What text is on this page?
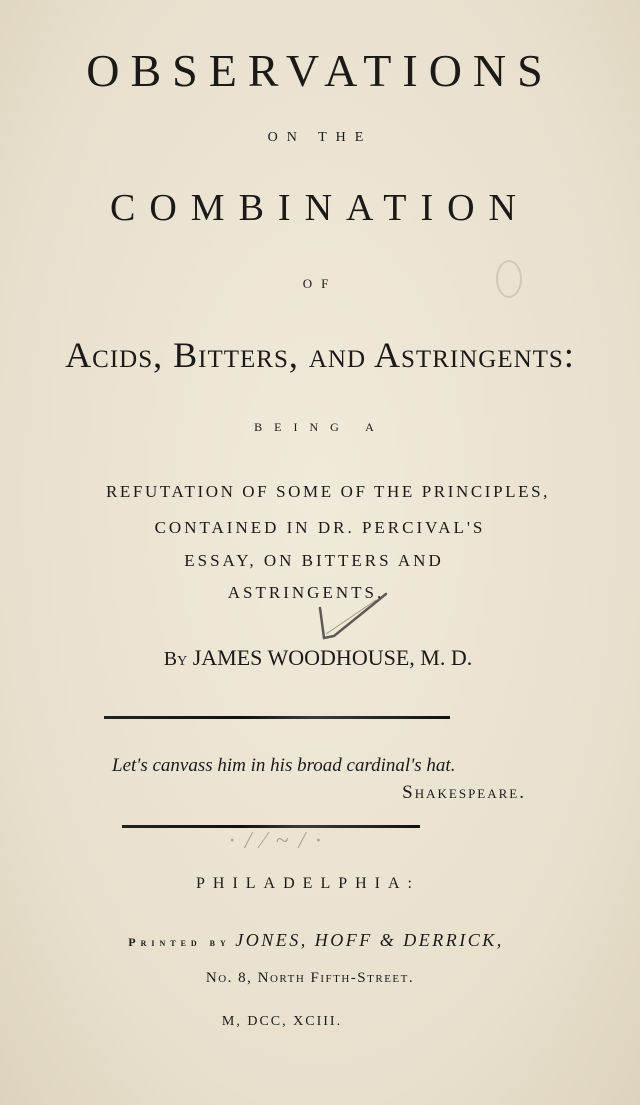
OBSERVATIONS
ON THE
COMBINATION
OF
Acids, Bitters, and Astringents:
BEING A
REFUTATION OF SOME OF THE PRINCIPLES,
CONTAINED IN DR. PERCIVAL'S
ESSAY, ON BITTERS AND
ASTRINGENTS.
By JAMES WOODHOUSE, M. D.
Let's canvass him in his broad cardinal's hat.
Shakespeare.
· / ⁄ ~ / ·
PHILADELPHIA:
Printed by JONES, HOFF & DERRICK,
No. 8, North Fifth-Street.
M, DCC, XCIII.
